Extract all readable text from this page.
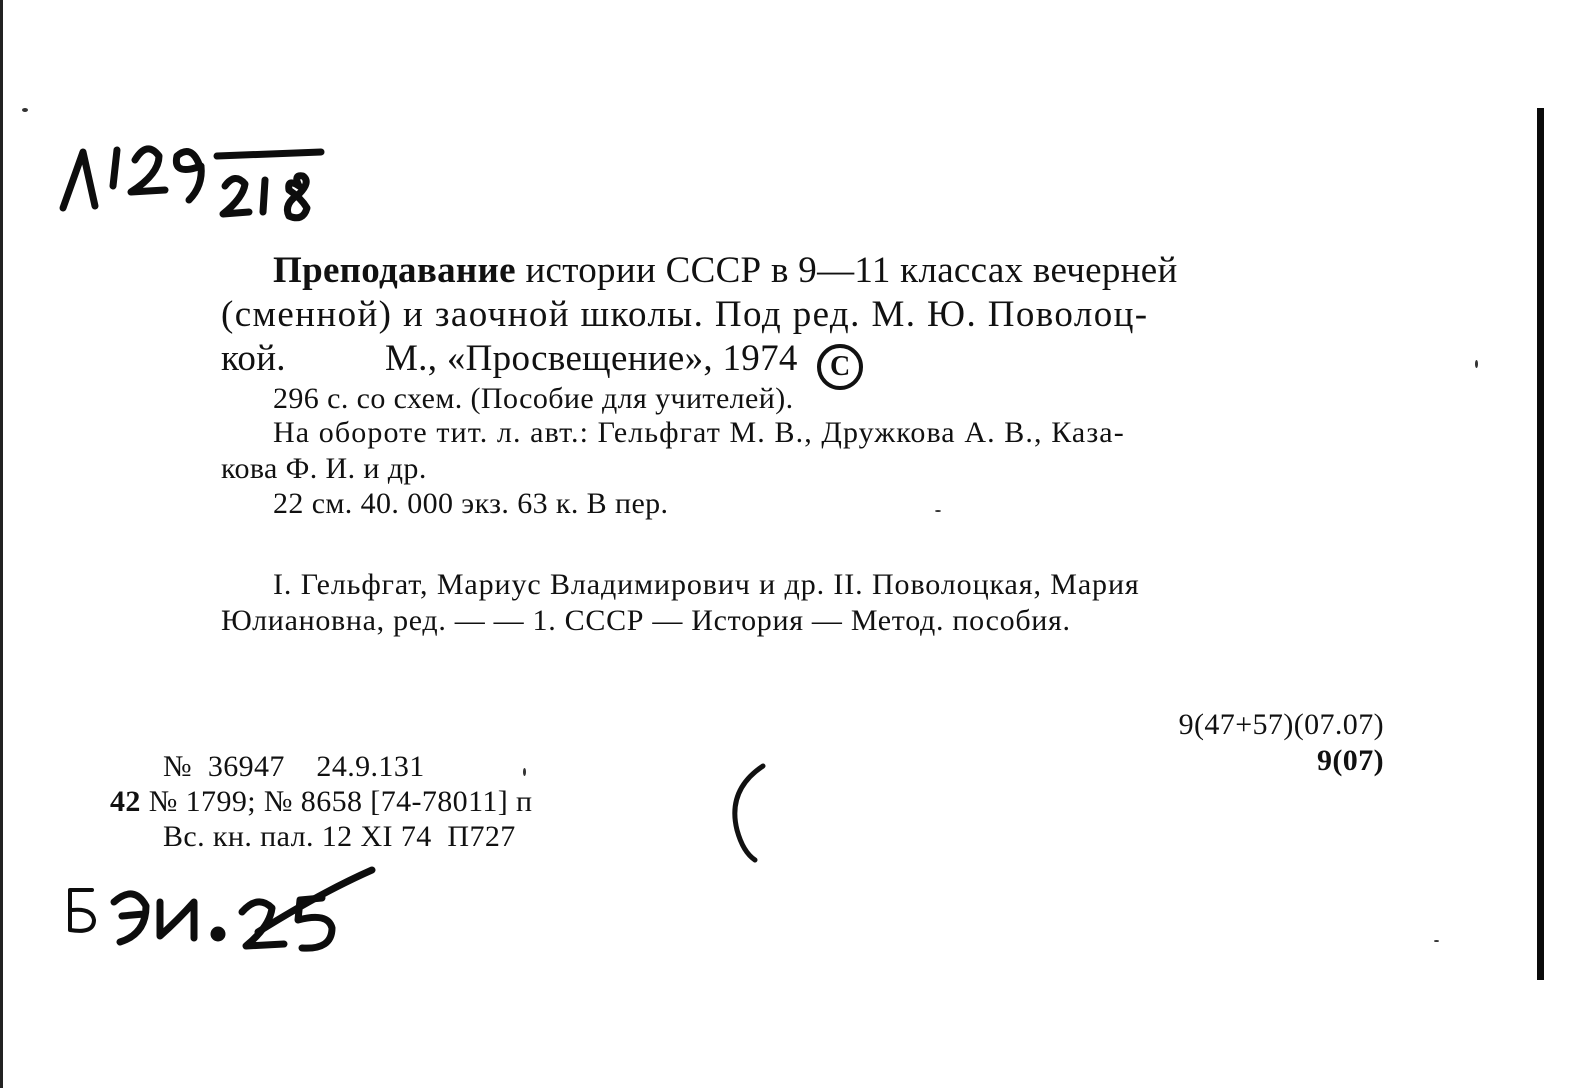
Преподавание истории СССР в 9—11 классах вечерней
(сменной) и заочной школы. Под ред. М. Ю. Поволоц-
кой.	М., «Просвещение», 1974 C
296 с. со схем. (Пособие для учителей).
На обороте тит. л. авт.: Гельфгат М. В., Дружкова А. В., Каза-
кова Ф. И. и др.
22 см. 40. 000 экз. 63 к. В пер.
I. Гельфгат, Мариус Владимирович и др. II. Поволоцкая, Мария
Юлиановна, ред. — — 1. СССР — История — Метод. пособия.
9(47+57)(07.07)
9(07)
№  36947    24.9.131
42 № 1799; № 8658 [74-78011] п
Вс. кн. пал. 12 XI 74  П727
